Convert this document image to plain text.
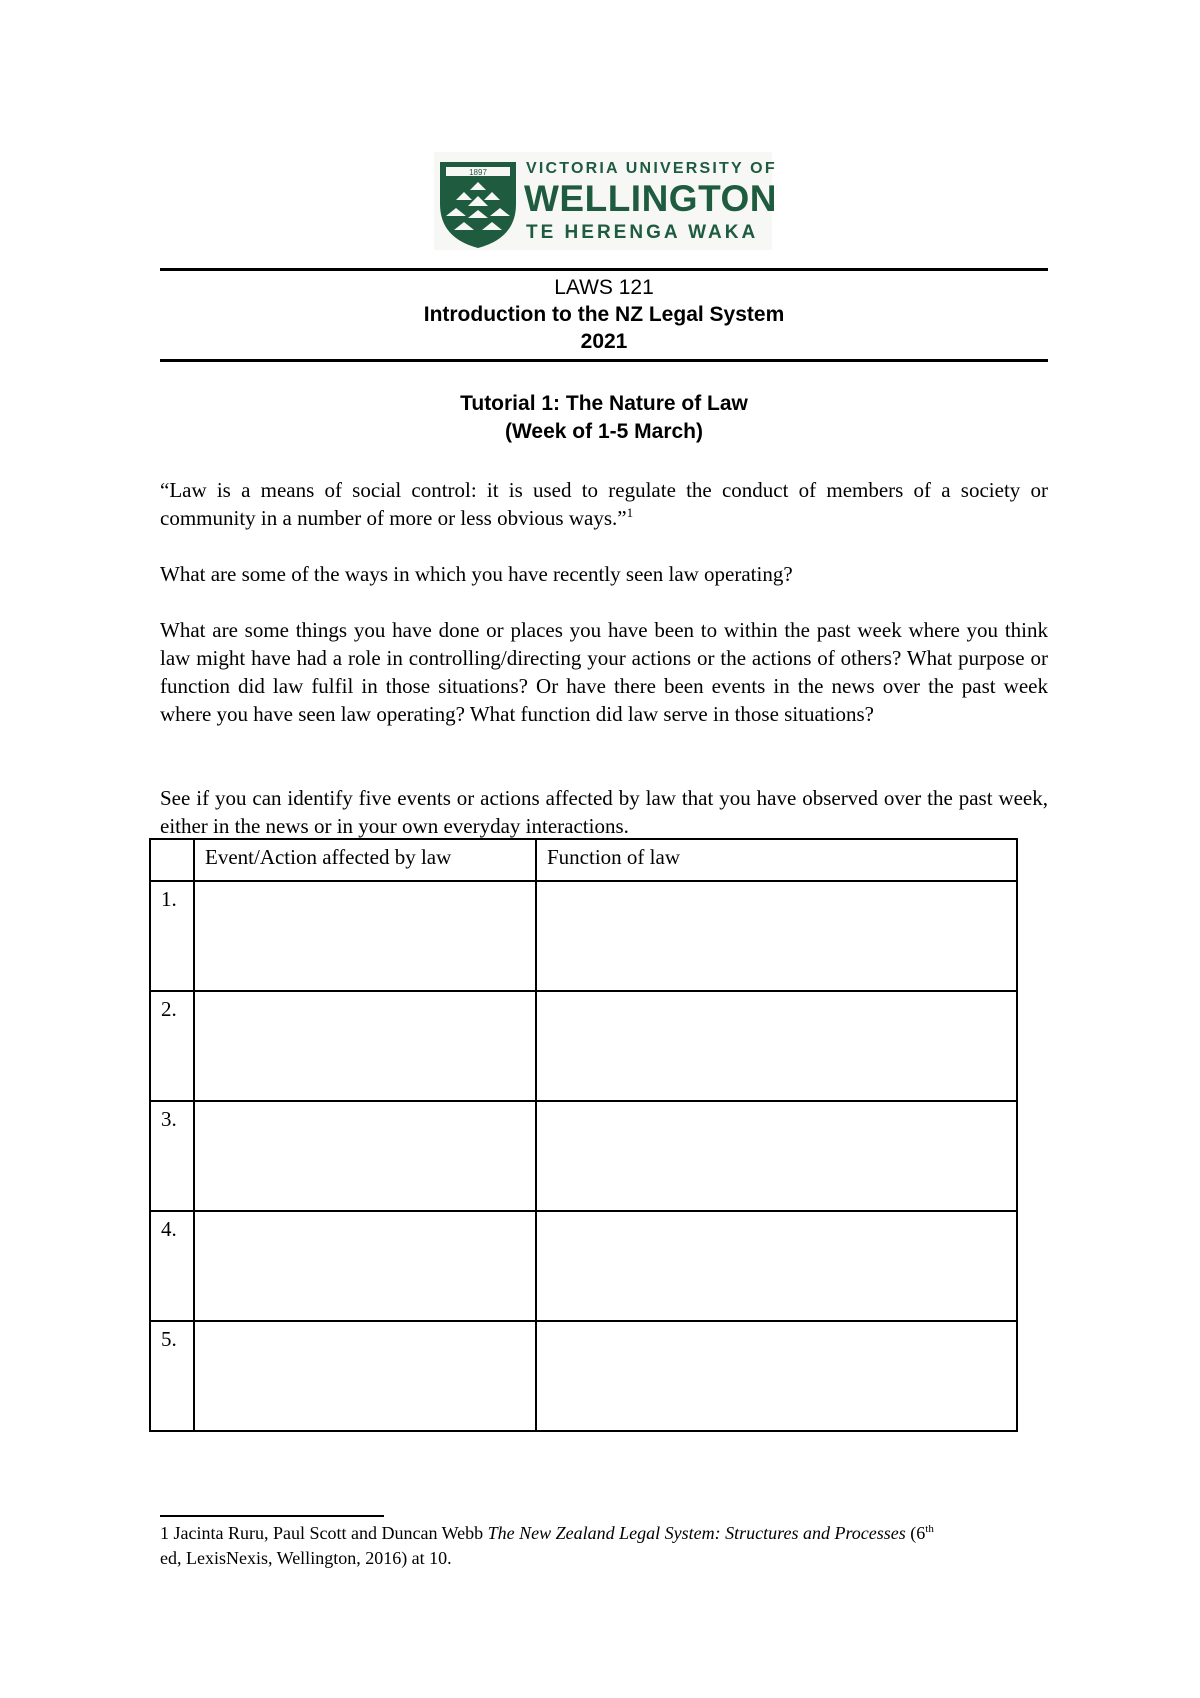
1897 VICTORIA UNIVERSITY OF
WELLINGTON
TE HERENGA WAKA
LAWS 121
Introduction to the NZ Legal System
2021
Tutorial 1: The Nature of Law
(Week of 1-5 March)
“Law is a means of social control: it is used to regulate the conduct of members of a society or community in a number of more or less obvious ways.”$^1$
What are some of the ways in which you have recently seen law operating?
What are some things you have done or places you have been to within the past week where you think law might have had a role in controlling/directing your actions or the actions of others? What purpose or function did law fulfil in those situations? Or have there been events in the news over the past week where you have seen law operating? What function did law serve in those situations?
See if you can identify five events or actions affected by law that you have observed over the past week, either in the news or in your own everyday interactions.
	Event/Action affected by law	Function of law
1.		
2.		
3.		
4.		
5.		
1 Jacinta Ruru, Paul Scott and Duncan Webb The New Zealand Legal System: Structures and Processes (6th
ed, LexisNexis, Wellington, 2016) at 10.
